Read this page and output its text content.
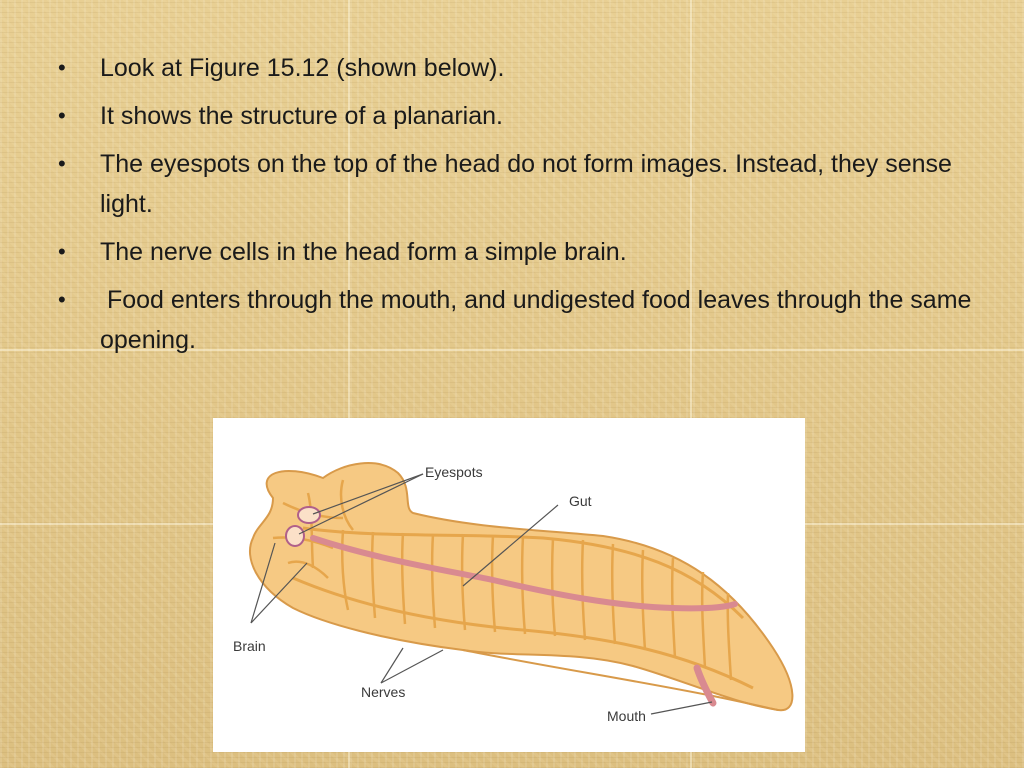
• Look at Figure 15.12 (shown below).
• It shows the structure of a planarian.
• The eyespots on the top of the head do not form images. Instead, they sense light.
• The nerve cells in the head form a simple brain.
• Food enters through the mouth, and undigested food leaves through the same opening.
Eyespots
Gut
Brain
Nerves
Mouth
